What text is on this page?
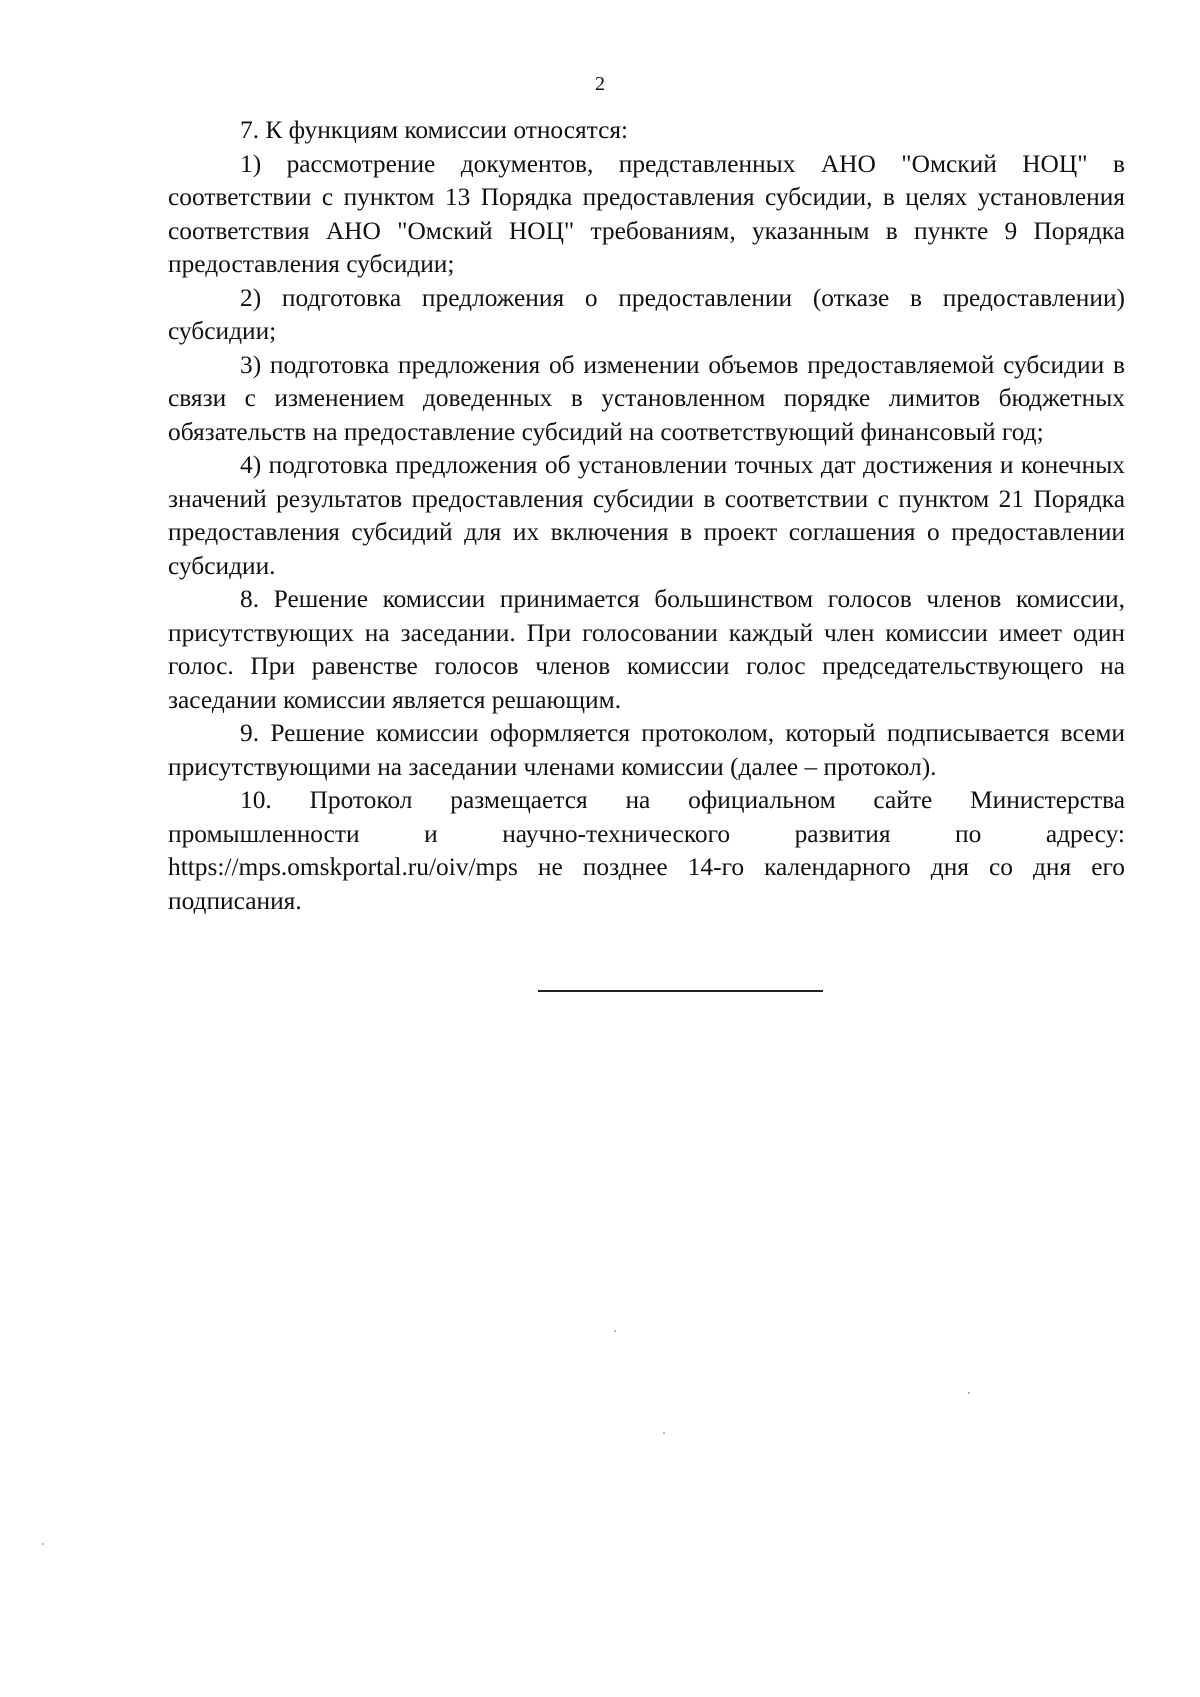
2

7. К функциям комиссии относятся:

1) рассмотрение документов, представленных АНО "Омский НОЦ" в соответствии с пунктом 13 Порядка предоставления субсидии, в целях установления соответствия АНО "Омский НОЦ" требованиям, указанным в пункте 9 Порядка предоставления субсидии;

2) подготовка предложения о предоставлении (отказе в предоставлении) субсидии;

3) подготовка предложения об изменении объемов предоставляемой субсидии в связи с изменением доведенных в установленном порядке лимитов бюджетных обязательств на предоставление субсидий на соответствующий финансовый год;

4) подготовка предложения об установлении точных дат достижения и конечных значений результатов предоставления субсидии в соответствии с пунктом 21 Порядка предоставления субсидий для их включения в проект соглашения о предоставлении субсидии.

8. Решение комиссии принимается большинством голосов членов комиссии, присутствующих на заседании. При голосовании каждый член комиссии имеет один голос. При равенстве голосов членов комиссии голос председательствующего на заседании комиссии является решающим.

9. Решение комиссии оформляется протоколом, который подписывается всеми присутствующими на заседании членами комиссии (далее – протокол).

10. Протокол размещается на официальном сайте Министерства промышленности и научно-технического развития по адресу: https://mps.omskportal.ru/oiv/mps не позднее 14-го календарного дня со дня его подписания.
